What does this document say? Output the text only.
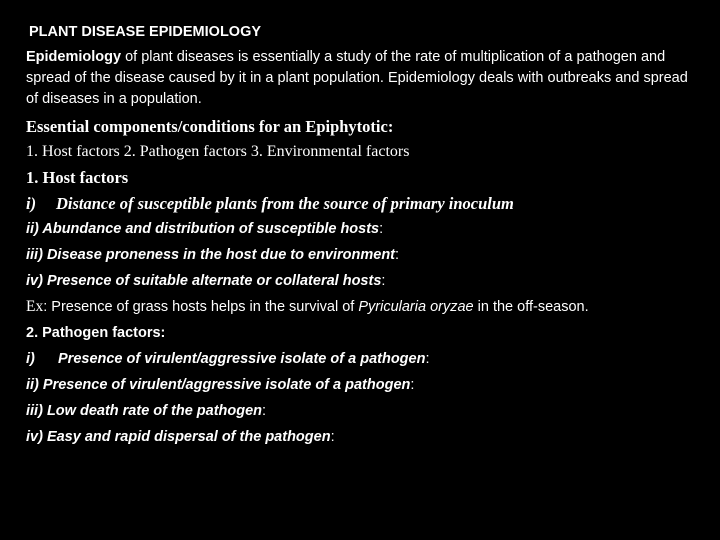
PLANT DISEASE EPIDEMIOLOGY
Epidemiology of plant diseases is essentially a study of the rate of multiplication of a pathogen and spread of the disease caused by it in a plant population. Epidemiology deals with outbreaks and spread of diseases in a population.
Essential components/conditions for an Epiphytotic:
1. Host factors 2. Pathogen factors 3. Environmental factors
1. Host factors
i) Distance of susceptible plants from the source of primary inoculum
ii) Abundance and distribution of susceptible hosts:
iii) Disease proneness in the host due to environment:
iv) Presence of suitable alternate or collateral hosts:
Ex: Presence of grass hosts helps in the survival of Pyricularia oryzae in the off-season.
2. Pathogen factors:
i) Presence of virulent/aggressive isolate of a pathogen:
ii) Presence of virulent/aggressive isolate of a pathogen:
iii) Low death rate of the pathogen:
iv) Easy and rapid dispersal of the pathogen:
